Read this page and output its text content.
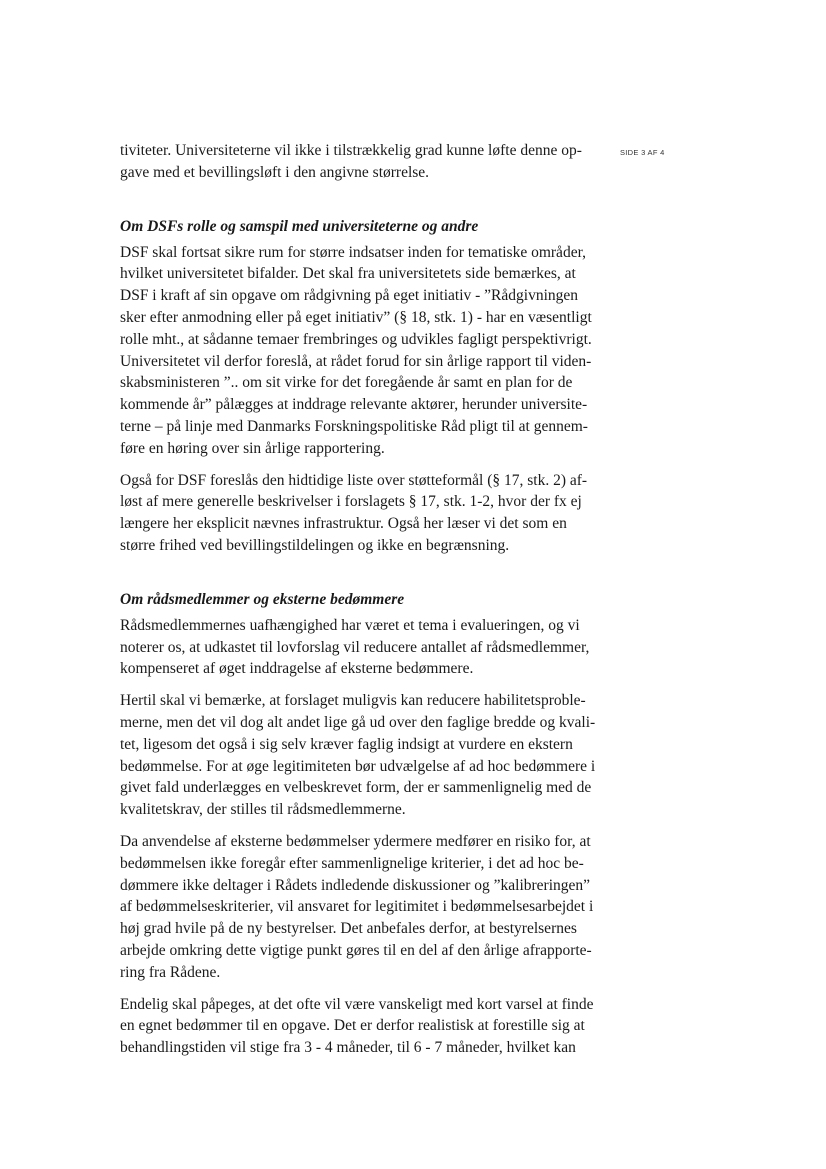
SIDE 3 AF 4

tiviteter. Universiteterne vil ikke i tilstrækkelig grad kunne løfte denne op-
gave med et bevillingsløft i den angivne størrelse.

Om DSFs rolle og samspil med universiteterne og andre

DSF skal fortsat sikre rum for større indsatser inden for tematiske områder,
hvilket universitetet bifalder. Det skal fra universitetets side bemærkes, at
DSF i kraft af sin opgave om rådgivning på eget initiativ - ”Rådgivningen
sker efter anmodning eller på eget initiativ” (§ 18, stk. 1) - har en væsentligt
rolle mht., at sådanne temaer frembringes og udvikles fagligt perspektivrigt.
Universitetet vil derfor foreslå, at rådet forud for sin årlige rapport til viden-
skabsministeren ”.. om sit virke for det foregående år samt en plan for de
kommende år” pålægges at inddrage relevante aktører, herunder universite-
terne – på linje med Danmarks Forskningspolitiske Råd pligt til at gennem-
føre en høring over sin årlige rapportering.

Også for DSF foreslås den hidtidige liste over støtteformål (§ 17, stk. 2) af-
løst af mere generelle beskrivelser i forslagets § 17, stk. 1-2, hvor der fx ej
længere her eksplicit nævnes infrastruktur. Også her læser vi det som en
større frihed ved bevillingstildelingen og ikke en begrænsning.

Om rådsmedlemmer og eksterne bedømmere

Rådsmedlemmernes uafhængighed har været et tema i evalueringen, og vi
noterer os, at udkastet til lovforslag vil reducere antallet af rådsmedlemmer,
kompenseret af øget inddragelse af eksterne bedømmere.

Hertil skal vi bemærke, at forslaget muligvis kan reducere habilitetsproble-
merne, men det vil dog alt andet lige gå ud over den faglige bredde og kvali-
tet, ligesom det også i sig selv kræver faglig indsigt at vurdere en ekstern
bedømmelse. For at øge legitimiteten bør udvælgelse af ad hoc bedømmere i
givet fald underlægges en velbeskrevet form, der er sammenlignelig med de
kvalitetskrav, der stilles til rådsmedlemmerne.

Da anvendelse af eksterne bedømmelser ydermere medfører en risiko for, at
bedømmelsen ikke foregår efter sammenlignelige kriterier, i det ad hoc be-
dømmere ikke deltager i Rådets indledende diskussioner og ”kalibreringen”
af bedømmelseskriterier, vil ansvaret for legitimitet i bedømmelsesarbejdet i
høj grad hvile på de ny bestyrelser. Det anbefales derfor, at bestyrelsernes
arbejde omkring dette vigtige punkt gøres til en del af den årlige afrapporte-
ring fra Rådene.

Endelig skal påpeges, at det ofte vil være vanskeligt med kort varsel at finde
en egnet bedømmer til en opgave. Det er derfor realistisk at forestille sig at
behandlingstiden vil stige fra 3 - 4 måneder, til 6 - 7 måneder, hvilket kan
